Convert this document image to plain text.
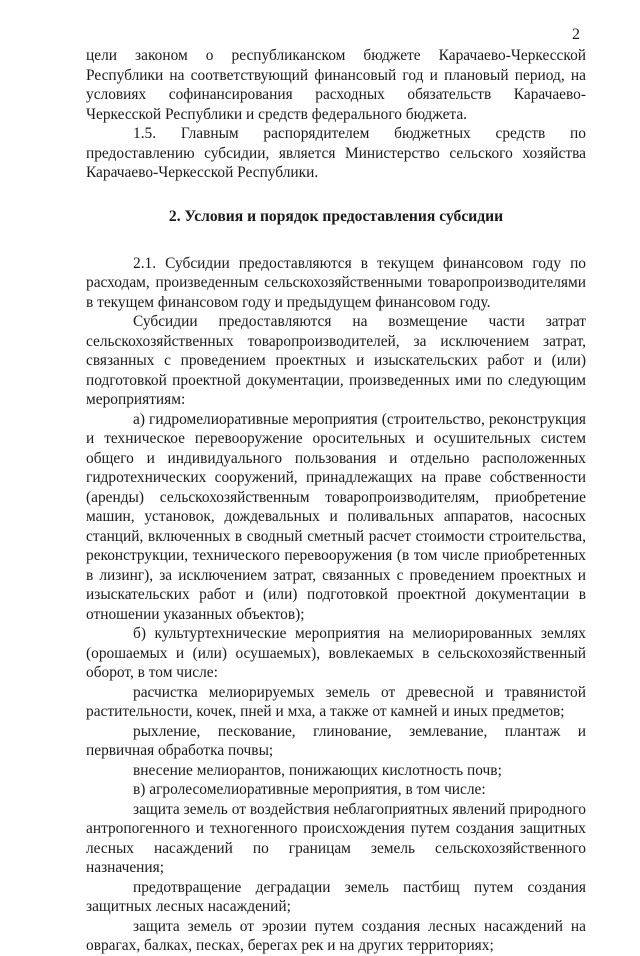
2

цели законом о республиканском бюджете Карачаево-Черкесской Республики на соответствующий финансовый год и плановый период, на условиях софинансирования расходных обязательств Карачаево-Черкесской Республики и средств федерального бюджета.

1.5. Главным распорядителем бюджетных средств по предоставлению субсидии, является Министерство сельского хозяйства Карачаево-Черкесской Республики.

2. Условия и порядок предоставления субсидии

2.1. Субсидии предоставляются в текущем финансовом году по расходам, произведенным сельскохозяйственными товаропроизводителями в текущем финансовом году и предыдущем финансовом году.

Субсидии предоставляются на возмещение части затрат сельскохозяйственных товаропроизводителей, за исключением затрат, связанных с проведением проектных и изыскательских работ и (или) подготовкой проектной документации, произведенных ими по следующим мероприятиям:

а) гидромелиоративные мероприятия (строительство, реконструкция и техническое перевооружение оросительных и осушительных систем общего и индивидуального пользования и отдельно расположенных гидротехнических сооружений, принадлежащих на праве собственности (аренды) сельскохозяйственным товаропроизводителям, приобретение машин, установок, дождевальных и поливальных аппаратов, насосных станций, включенных в сводный сметный расчет стоимости строительства, реконструкции, технического перевооружения (в том числе приобретенных в лизинг), за исключением затрат, связанных с проведением проектных и изыскательских работ и (или) подготовкой проектной документации в отношении указанных объектов);

б) культуртехнические мероприятия на мелиорированных землях (орошаемых и (или) осушаемых), вовлекаемых в сельскохозяйственный оборот, в том числе:

расчистка мелиорируемых земель от древесной и травянистой растительности, кочек, пней и мха, а также от камней и иных предметов;

рыхление, пескование, глинование, землевание, плантаж и первичная обработка почвы;

внесение мелиорантов, понижающих кислотность почв;

в) агролесомелиоративные мероприятия, в том числе:

защита земель от воздействия неблагоприятных явлений природного антропогенного и техногенного происхождения путем создания защитных лесных насаждений по границам земель сельскохозяйственного назначения;

предотвращение деградации земель пастбищ путем создания защитных лесных насаждений;

защита земель от эрозии путем создания лесных насаждений на оврагах, балках, песках, берегах рек и на других территориях;
